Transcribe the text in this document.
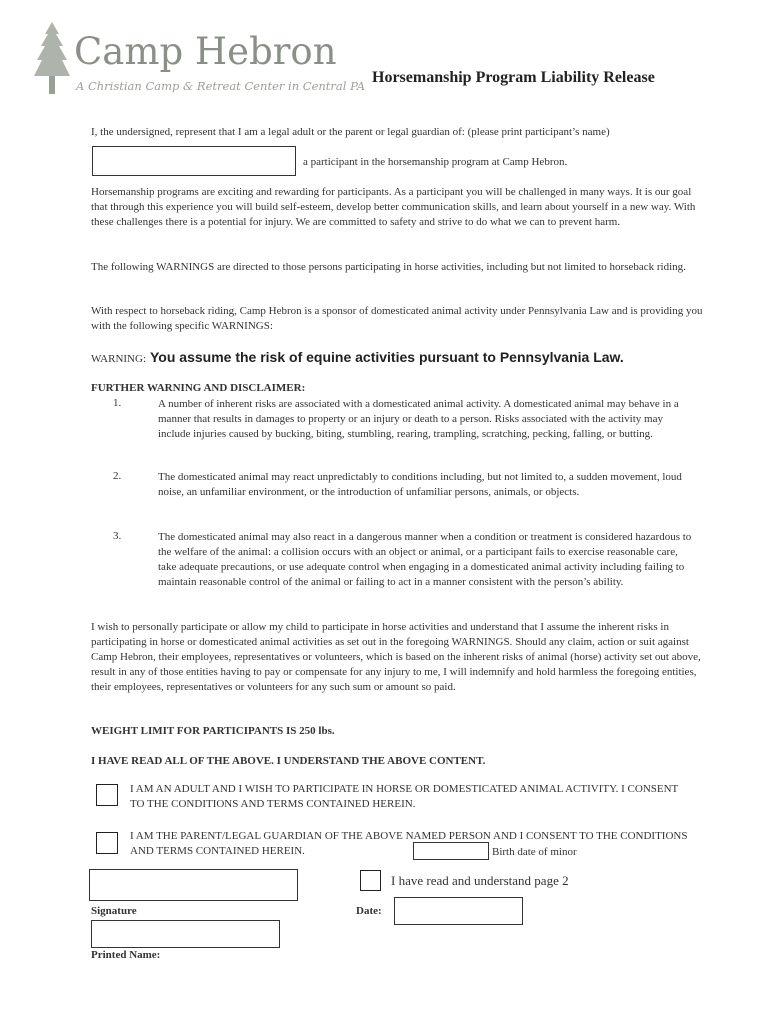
Camp Hebron
A Christian Camp & Retreat Center in Central PA Horsemanship Program Liability Release

I, the undersigned, represent that I am a legal adult or the parent or legal guardian of: (please print participant’s name)

a participant in the horsemanship program at Camp Hebron.

Horsemanship programs are exciting and rewarding for participants. As a participant you will be challenged in many ways. It is our goal that through this experience you will build self-esteem, develop better communication skills, and learn about yourself in a new way. With these challenges there is a potential for injury. We are committed to safety and strive to do what we can to prevent harm.

The following WARNINGS are directed to those persons participating in horse activities, including but not limited to horseback riding.

With respect to horseback riding, Camp Hebron is a sponsor of domesticated animal activity under Pennsylvania Law and is providing you with the following specific WARNINGS:

WARNING: You assume the risk of equine activities pursuant to Pennsylvania Law.
FURTHER WARNING AND DISCLAIMER:
1.	A number of inherent risks are associated with a domesticated animal activity. A domesticated animal may behave in a manner that results in damages to property or an injury or death to a person. Risks associated with the activity may include injuries caused by bucking, biting, stumbling, rearing, trampling, scratching, pecking, falling, or butting.

2.	The domesticated animal may react unpredictably to conditions including, but not limited to, a sudden movement, loud noise, an unfamiliar environment, or the introduction of unfamiliar persons, animals, or objects.

3.	The domesticated animal may also react in a dangerous manner when a condition or treatment is considered hazardous to the welfare of the animal: a collision occurs with an object or animal, or a participant fails to exercise reasonable care, take adequate precautions, or use adequate control when engaging in a domesticated animal activity including failing to maintain reasonable control of the animal or failing to act in a manner consistent with the person’s ability.

I wish to personally participate or allow my child to participate in horse activities and understand that I assume the inherent risks in participating in horse or domesticated animal activities as set out in the foregoing WARNINGS. Should any claim, action or suit against Camp Hebron, their employees, representatives or volunteers, which is based on the inherent risks of animal (horse) activity set out above, result in any of those entities having to pay or compensate for any injury to me, I will indemnify and hold harmless the foregoing entities, their employees, representatives or volunteers for any such sum or amount so paid.

WEIGHT LIMIT FOR PARTICIPANTS IS 250 lbs.
I HAVE READ ALL OF THE ABOVE. I UNDERSTAND THE ABOVE CONTENT.

I AM AN ADULT AND I WISH TO PARTICIPATE IN HORSE OR DOMESTICATED ANIMAL ACTIVITY. I CONSENT TO THE CONDITIONS AND TERMS CONTAINED HEREIN.

I AM THE PARENT/LEGAL GUARDIAN OF THE ABOVE NAMED PERSON AND I CONSENT TO THE CONDITIONS AND TERMS CONTAINED HEREIN.	Birth date of minor
Signature
I have read and understand page 2
Date:
Printed Name:
